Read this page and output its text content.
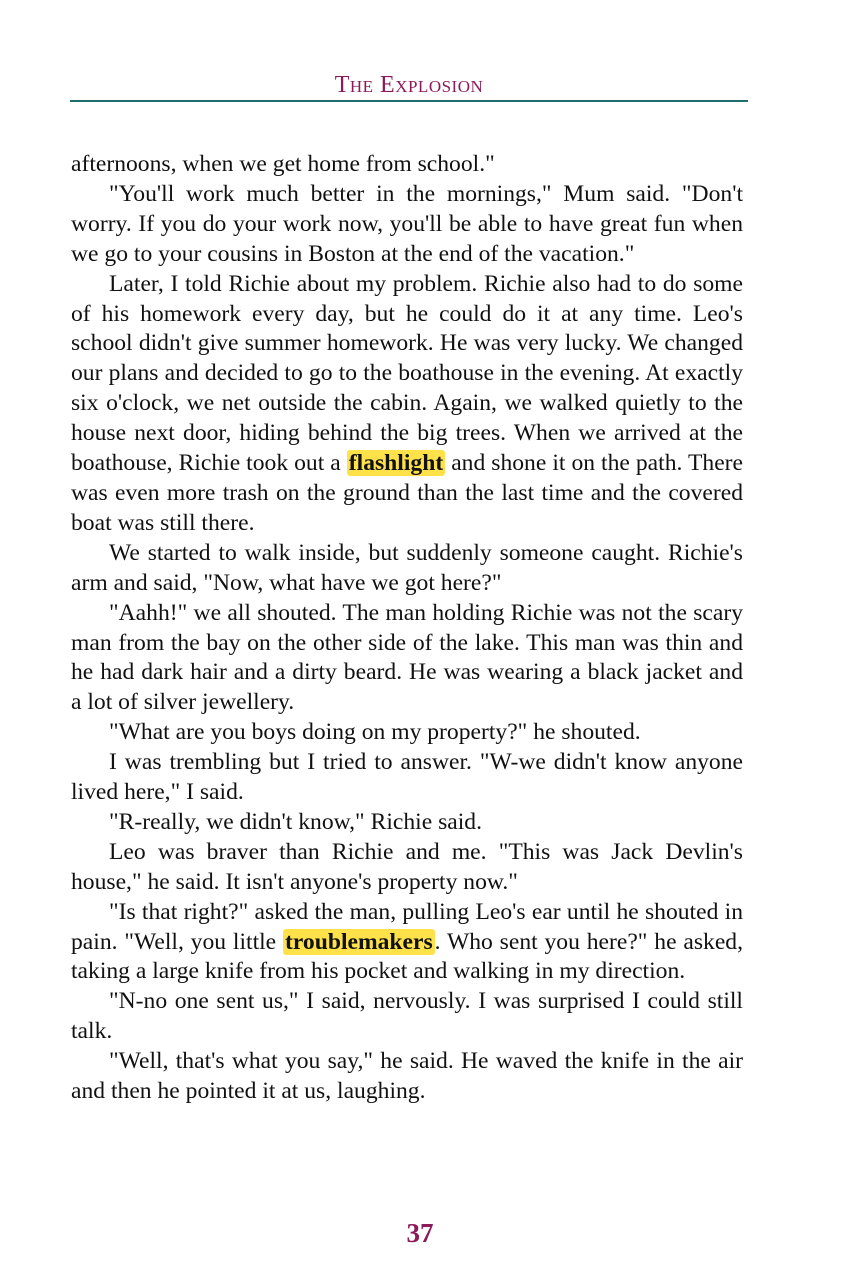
The Explosion

afternoons, when we get home from school."

"You'll work much better in the mornings," Mum said. "Don't worry. If you do your work now, you'll be able to have great fun when we go to your cousins in Boston at the end of the vacation."

Later, I told Richie about my problem. Richie also had to do some of his homework every day, but he could do it at any time. Leo's school didn't give summer homework. He was very lucky. We changed our plans and decided to go to the boathouse in the evening. At exactly six o'clock, we net outside the cabin. Again, we walked quietly to the house next door, hiding behind the big trees. When we arrived at the boathouse, Richie took out a flashlight and shone it on the path. There was even more trash on the ground than the last time and the covered boat was still there.

We started to walk inside, but suddenly someone caught. Richie's arm and said, "Now, what have we got here?"

"Aahh!" we all shouted. The man holding Richie was not the scary man from the bay on the other side of the lake. This man was thin and he had dark hair and a dirty beard. He was wearing a black jacket and a lot of silver jewellery.

"What are you boys doing on my property?" he shouted.

I was trembling but I tried to answer. "W-we didn't know anyone lived here," I said.

"R-really, we didn't know," Richie said.

Leo was braver than Richie and me. "This was Jack Devlin's house," he said. It isn't anyone's property now."

"Is that right?" asked the man, pulling Leo's ear until he shouted in pain. "Well, you little troublemakers. Who sent you here?" he asked, taking a large knife from his pocket and walking in my direction.

"N-no one sent us," I said, nervously. I was surprised I could still talk.

"Well, that's what you say," he said. He waved the knife in the air and then he pointed it at us, laughing.

37
